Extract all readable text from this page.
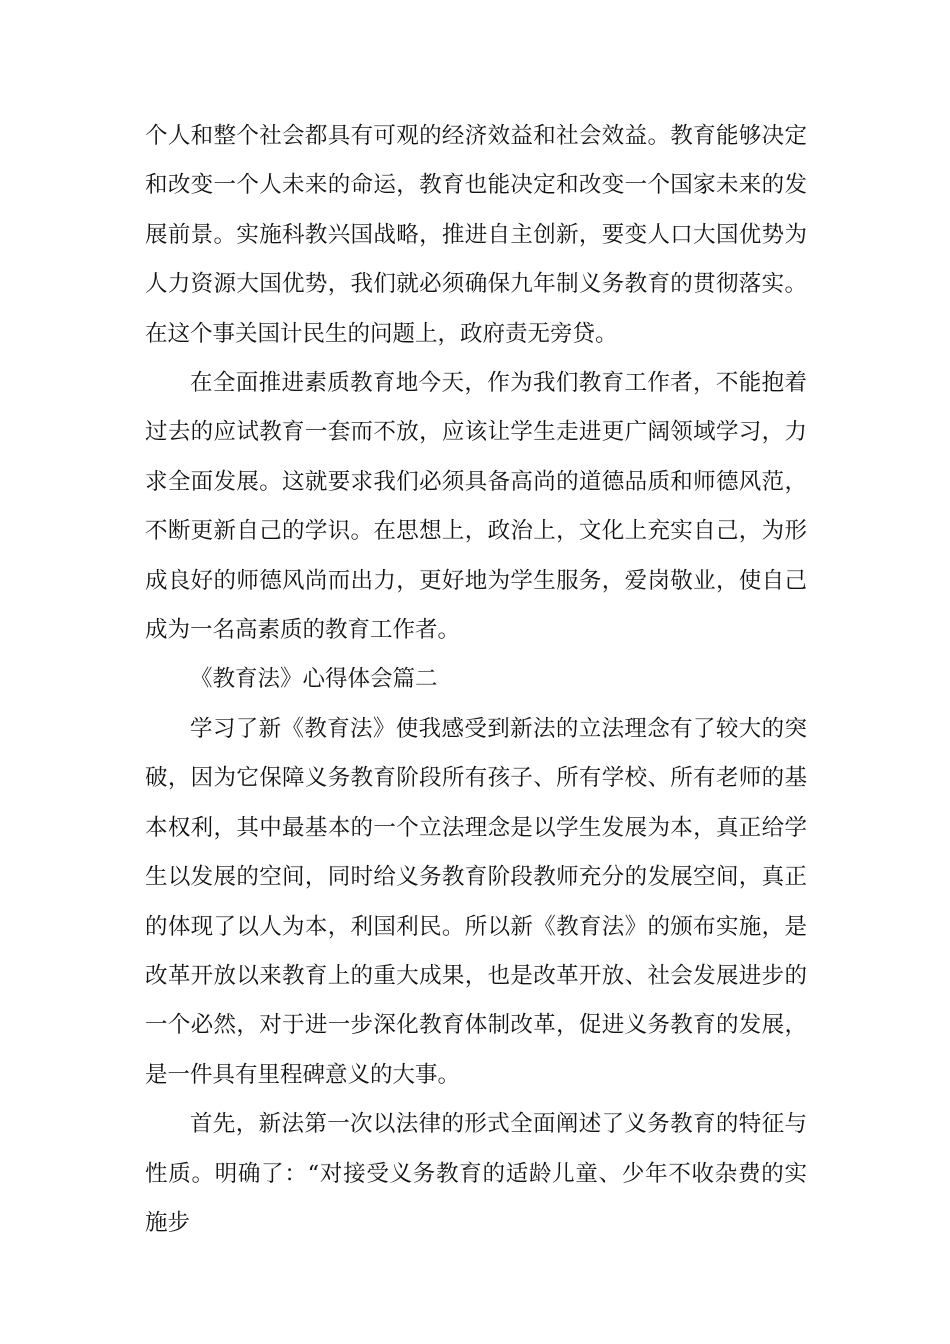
个人和整个社会都具有可观的经济效益和社会效益。教育能够决定和改变一个人未来的命运，教育也能决定和改变一个国家未来的发展前景。实施科教兴国战略，推进自主创新，要变人口大国优势为人力资源大国优势，我们就必须确保九年制义务教育的贯彻落实。在这个事关国计民生的问题上，政府责无旁贷。

在全面推进素质教育地今天，作为我们教育工作者，不能抱着过去的应试教育一套而不放，应该让学生走进更广阔领域学习，力求全面发展。这就要求我们必须具备高尚的道德品质和师德风范，不断更新自己的学识。在思想上，政治上，文化上充实自己，为形成良好的师德风尚而出力，更好地为学生服务，爱岗敬业，使自己成为一名高素质的教育工作者。

《教育法》心得体会篇二

学习了新《教育法》使我感受到新法的立法理念有了较大的突破，因为它保障义务教育阶段所有孩子、所有学校、所有老师的基本权利，其中最基本的一个立法理念是以学生发展为本，真正给学生以发展的空间，同时给义务教育阶段教师充分的发展空间，真正的体现了以人为本，利国利民。所以新《教育法》的颁布实施，是改革开放以来教育上的重大成果，也是改革开放、社会发展进步的一个必然，对于进一步深化教育体制改革，促进义务教育的发展，是一件具有里程碑意义的大事。

首先，新法第一次以法律的形式全面阐述了义务教育的特征与性质。明确了：“对接受义务教育的适龄儿童、少年不收杂费的实施步
